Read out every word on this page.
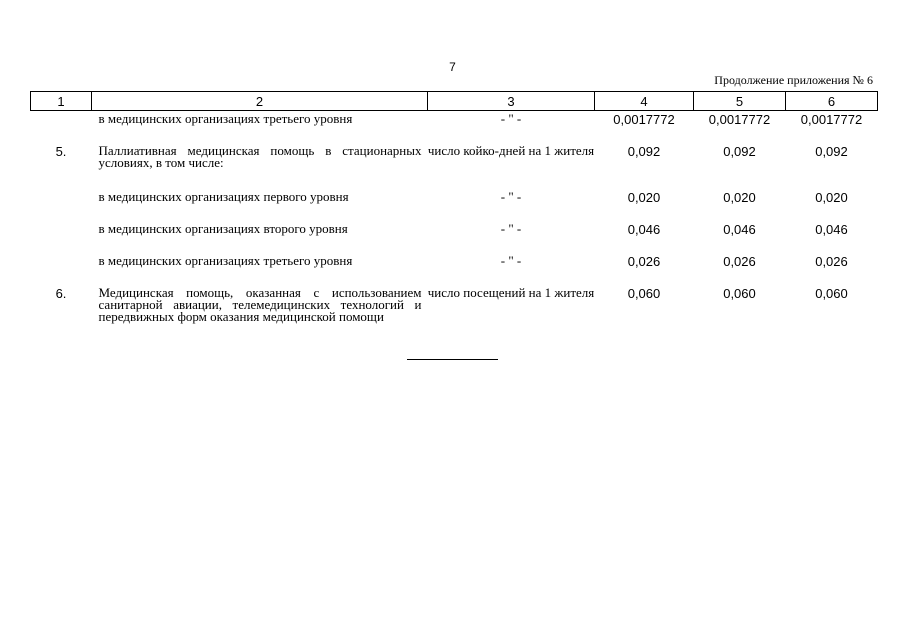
7
Продолжение приложения № 6
1	2	3	4	5	6
	в медицинских организациях третьего уровня	- " -	0,0017772	0,0017772	0,0017772
5.	Паллиативная медицинская помощь в стационарных условиях, в том числе:	число койко-дней на 1 жителя	0,092	0,092	0,092
	в медицинских организациях первого уровня	- " -	0,020	0,020	0,020
	в медицинских организациях второго уровня	- " -	0,046	0,046	0,046
	в медицинских организациях третьего уровня	- " -	0,026	0,026	0,026
6.	Медицинская помощь, оказанная с использованием санитарной авиации, телемедицинских технологий и передвижных форм оказания медицинской помощи	число посещений на 1 жителя	0,060	0,060	0,060
